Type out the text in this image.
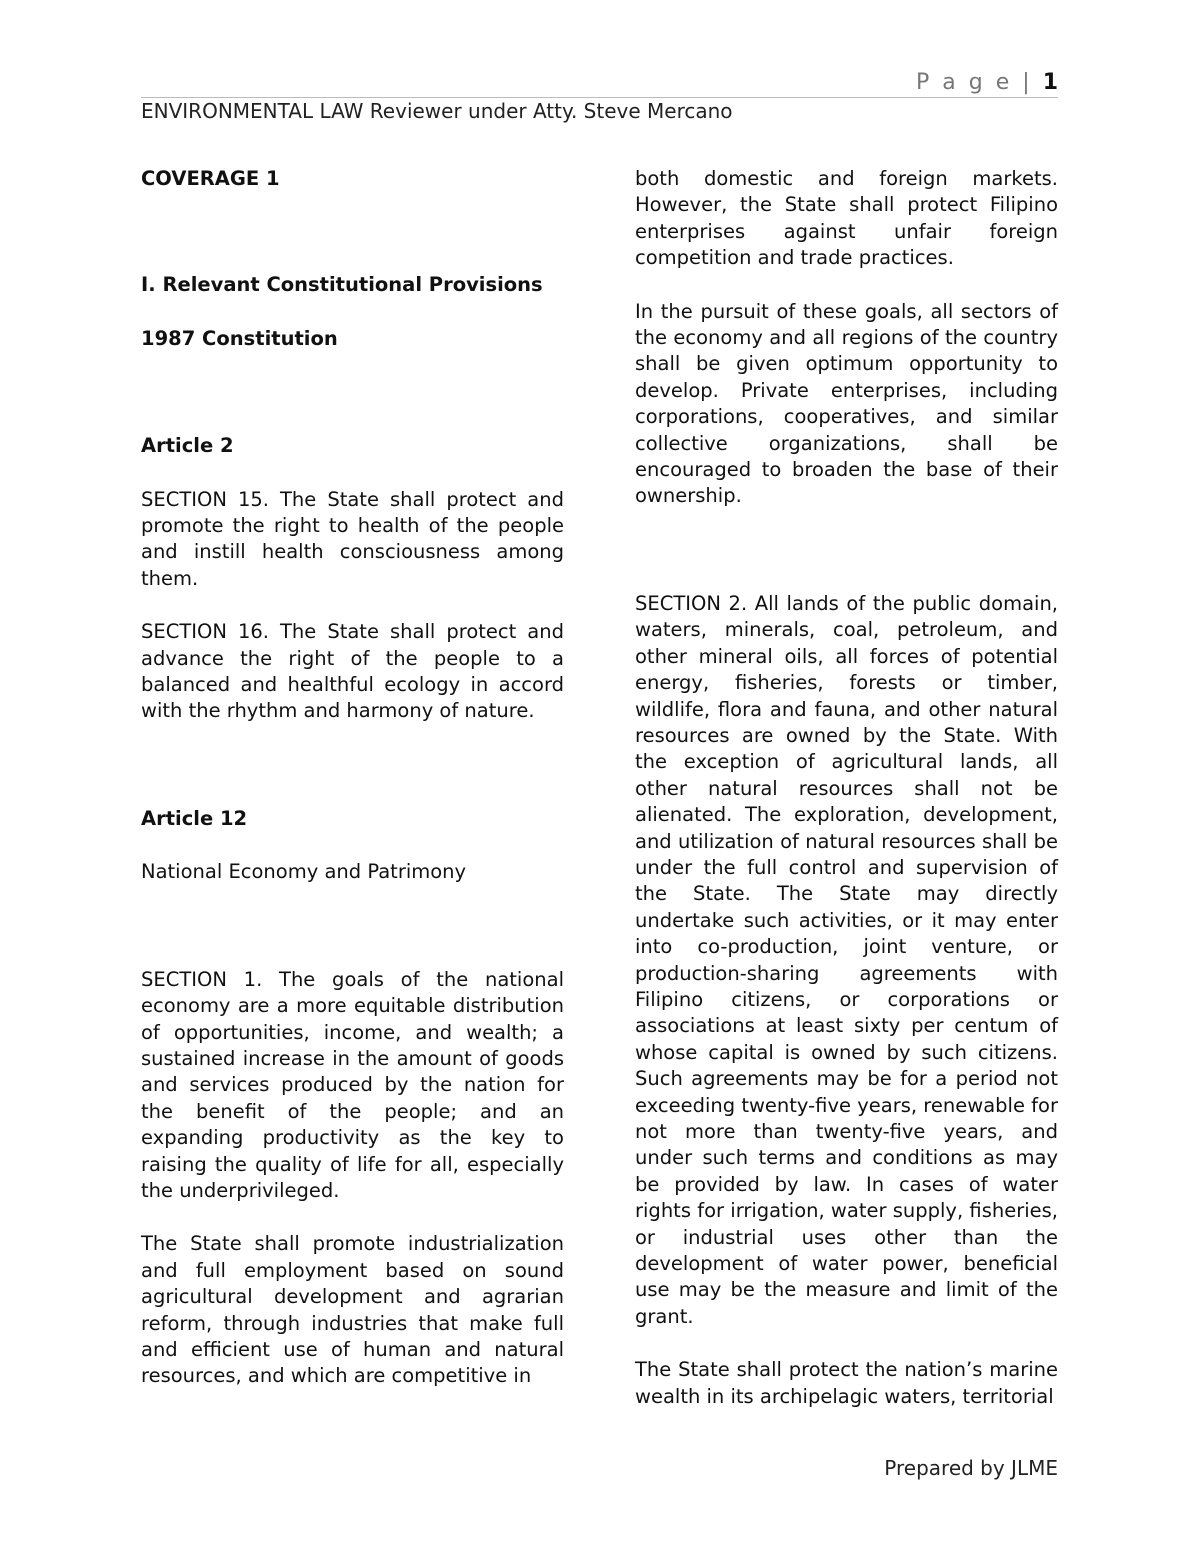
P a g e | 1
ENVIRONMENTAL LAW Reviewer under Atty. Steve Mercano

COVERAGE 1

I. Relevant Constitutional Provisions

1987 Constitution

Article 2

SECTION 15. The State shall protect and promote the right to health of the people and instill health consciousness among them.

SECTION 16. The State shall protect and advance the right of the people to a balanced and healthful ecology in accord with the rhythm and harmony of nature.

Article 12

National Economy and Patrimony

SECTION 1. The goals of the national economy are a more equitable distribution of opportunities, income, and wealth; a sustained increase in the amount of goods and services produced by the nation for the benefit of the people; and an expanding productivity as the key to raising the quality of life for all, especially the underprivileged.

The State shall promote industrialization and full employment based on sound agricultural development and agrarian reform, through industries that make full and efficient use of human and natural resources, and which are competitive in

both domestic and foreign markets. However, the State shall protect Filipino enterprises against unfair foreign competition and trade practices.

In the pursuit of these goals, all sectors of the economy and all regions of the country shall be given optimum opportunity to develop. Private enterprises, including corporations, cooperatives, and similar collective organizations, shall be encouraged to broaden the base of their ownership.

SECTION 2. All lands of the public domain, waters, minerals, coal, petroleum, and other mineral oils, all forces of potential energy, fisheries, forests or timber, wildlife, flora and fauna, and other natural resources are owned by the State. With the exception of agricultural lands, all other natural resources shall not be alienated. The exploration, development, and utilization of natural resources shall be under the full control and supervision of the State. The State may directly undertake such activities, or it may enter into co-production, joint venture, or production-sharing agreements with Filipino citizens, or corporations or associations at least sixty per centum of whose capital is owned by such citizens. Such agreements may be for a period not exceeding twenty-five years, renewable for not more than twenty-five years, and under such terms and conditions as may be provided by law. In cases of water rights for irrigation, water supply, fisheries, or industrial uses other than the development of water power, beneficial use may be the measure and limit of the grant.

The State shall protect the nation’s marine wealth in its archipelagic waters, territorial

Prepared by JLME
